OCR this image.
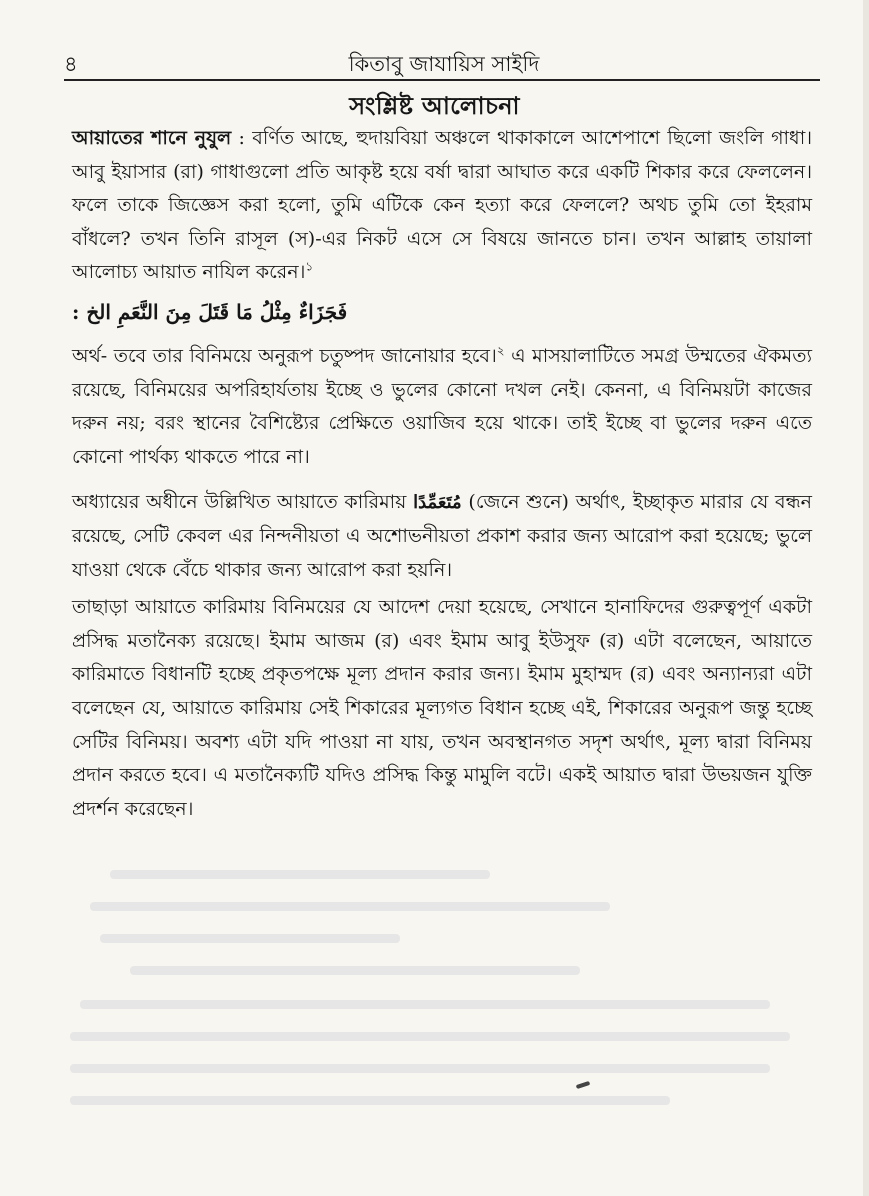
৪	কিতাবু জাযায়িস সাইদি
সংশ্লিষ্ট আলোচনা

আয়াতের শানে নুযুল : বর্ণিত আছে, হুদায়বিয়া অঞ্চলে থাকাকালে আশেপাশে ছিলো জংলি গাধা। আবু ইয়াসার (রা) গাধাগুলো প্রতি আকৃষ্ট হয়ে বর্ষা দ্বারা আঘাত করে একটি শিকার করে ফেললেন। ফলে তাকে জিজ্ঞেস করা হলো, তুমি এটিকে কেন হত্যা করে ফেললে? অথচ তুমি তো ইহরাম বাঁধলে? তখন তিনি রাসূল (স)-এর নিকট এসে সে বিষয়ে জানতে চান। তখন আল্লাহ তায়ালা আলোচ্য আয়াত নাযিল করেন।$^১$

فَجَزَاءٌ مِثْلُ مَا قَتَلَ مِنَ النَّعَمِ الخ :

অর্থ- তবে তার বিনিময়ে অনুরূপ চতুষ্পদ জানোয়ার হবে।$^২$ এ মাসয়ালাটিতে সমগ্র উম্মতের ঐকমত্য রয়েছে, বিনিময়ের অপরিহার্যতায় ইচ্ছে ও ভুলের কোনো দখল নেই। কেননা, এ বিনিময়টা কাজের দরুন নয়; বরং স্থানের বৈশিষ্ট্যের প্রেক্ষিতে ওয়াজিব হয়ে থাকে। তাই ইচ্ছে বা ভুলের দরুন এতে কোনো পার্থক্য থাকতে পারে না।

অধ্যায়ের অধীনে উল্লিখিত আয়াতে কারিমায় مُتَعَمِّدًا (জেনে শুনে) অর্থাৎ, ইচ্ছাকৃত মারার যে বন্ধন রয়েছে, সেটি কেবল এর নিন্দনীয়তা এ অশোভনীয়তা প্রকাশ করার জন্য আরোপ করা হয়েছে; ভুলে যাওয়া থেকে বেঁচে থাকার জন্য আরোপ করা হয়নি।

তাছাড়া আয়াতে কারিমায় বিনিময়ের যে আদেশ দেয়া হয়েছে, সেখানে হানাফিদের গুরুত্বপূর্ণ একটা প্রসিদ্ধ মতানৈক্য রয়েছে। ইমাম আজম (র) এবং ইমাম আবু ইউসুফ (র) এটা বলেছেন, আয়াতে কারিমাতে বিধানটি হচ্ছে প্রকৃতপক্ষে মূল্য প্রদান করার জন্য। ইমাম মুহাম্মদ (র) এবং অন্যান্যরা এটা বলেছেন যে, আয়াতে কারিমায় সেই শিকারের মূল্যগত বিধান হচ্ছে এই, শিকারের অনুরূপ জন্তু হচ্ছে সেটির বিনিময়। অবশ্য এটা যদি পাওয়া না যায়, তখন অবস্থানগত সদৃশ অর্থাৎ, মূল্য দ্বারা বিনিময় প্রদান করতে হবে। এ মতানৈক্যটি যদিও প্রসিদ্ধ কিন্তু মামুলি বটে। একই আয়াত দ্বারা উভয়জন যুক্তি প্রদর্শন করেছেন।
